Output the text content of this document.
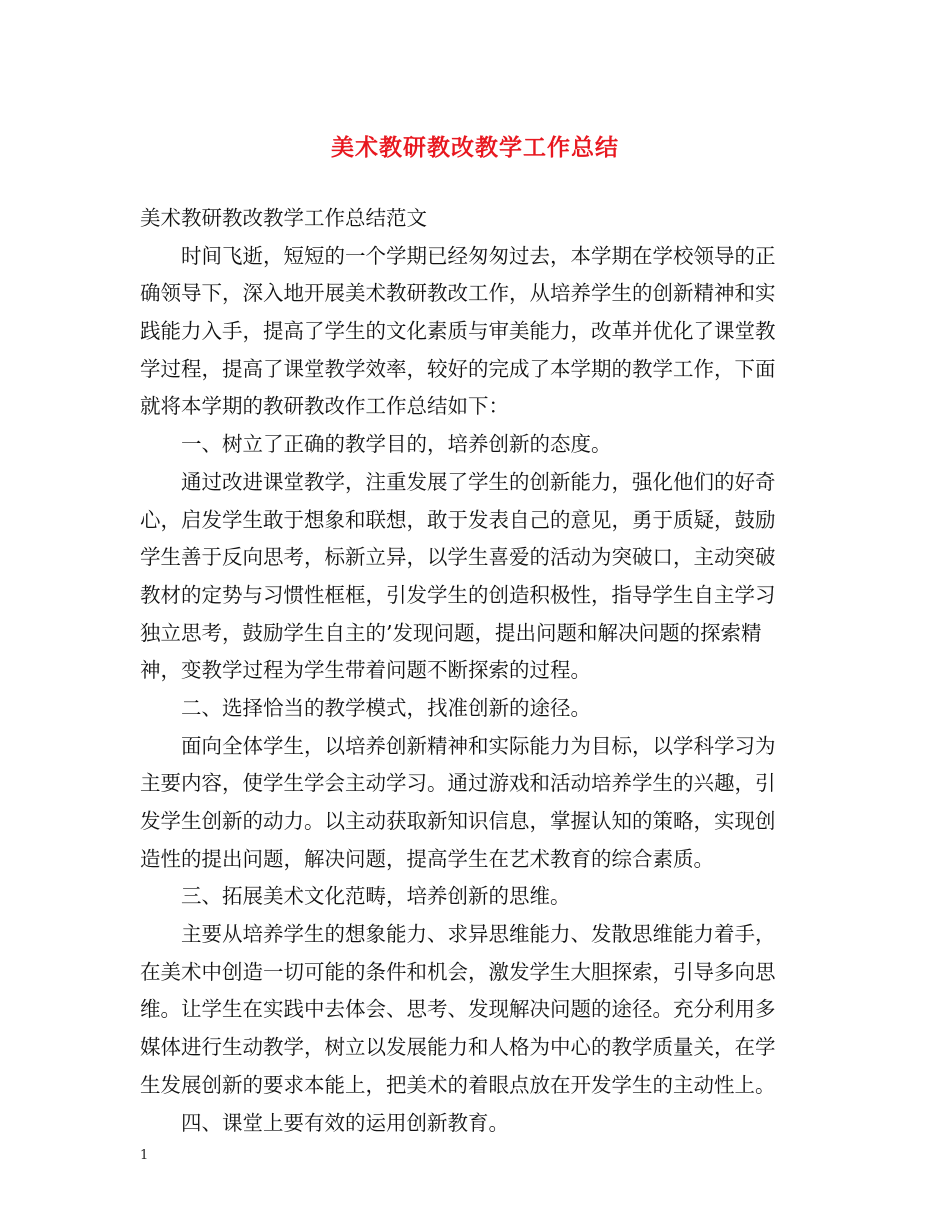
美术教研教改教学工作总结
美术教研教改教学工作总结范文
时间飞逝，短短的一个学期已经匆匆过去，本学期在学校领导的正
确领导下，深入地开展美术教研教改工作，从培养学生的创新精神和实
践能力入手，提高了学生的文化素质与审美能力，改革并优化了课堂教
学过程，提高了课堂教学效率，较好的完成了本学期的教学工作，下面
就将本学期的教研教改作工作总结如下：
一、树立了正确的教学目的，培养创新的态度。
通过改进课堂教学，注重发展了学生的创新能力，强化他们的好奇
心，启发学生敢于想象和联想，敢于发表自己的意见，勇于质疑，鼓励
学生善于反向思考，标新立异，以学生喜爱的活动为突破口，主动突破
教材的定势与习惯性框框，引发学生的创造积极性，指导学生自主学习
独立思考，鼓励学生自主的’发现问题，提出问题和解决问题的探索精
神，变教学过程为学生带着问题不断探索的过程。
二、选择恰当的教学模式，找准创新的途径。
面向全体学生，以培养创新精神和实际能力为目标，以学科学习为
主要内容，使学生学会主动学习。通过游戏和活动培养学生的兴趣，引
发学生创新的动力。以主动获取新知识信息，掌握认知的策略，实现创
造性的提出问题，解决问题，提高学生在艺术教育的综合素质。
三、拓展美术文化范畴，培养创新的思维。
主要从培养学生的想象能力、求异思维能力、发散思维能力着手，
在美术中创造一切可能的条件和机会，激发学生大胆探索，引导多向思
维。让学生在实践中去体会、思考、发现解决问题的途径。充分利用多
媒体进行生动教学，树立以发展能力和人格为中心的教学质量关，在学
生发展创新的要求本能上，把美术的着眼点放在开发学生的主动性上。
四、课堂上要有效的运用创新教育。
1
